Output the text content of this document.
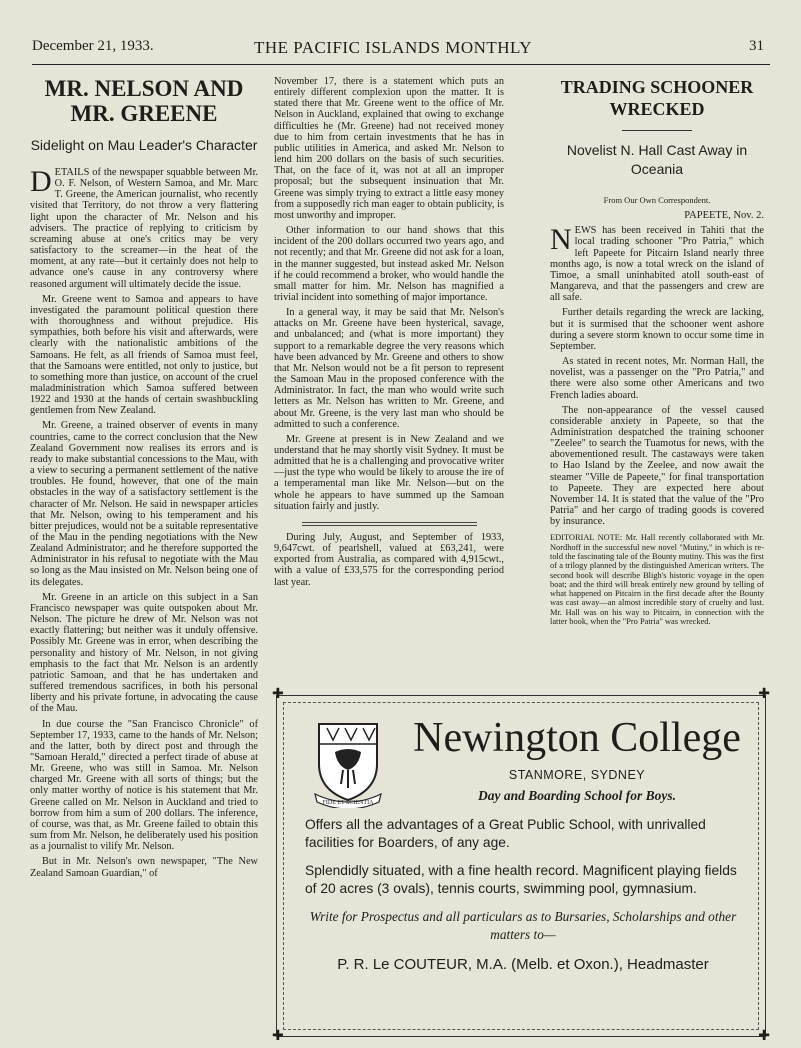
December 21, 1933.	THE PACIFIC ISLANDS MONTHLY	31
MR. NELSON AND MR. GREENE
Sidelight on Mau Leader's Character

DETAILS of the newspaper squabble between Mr. O. F. Nelson, of Western Samoa, and Mr. Marc T. Greene, the American journalist, who recently visited that Territory, do not throw a very flattering light upon the character of Mr. Nelson and his advisers. The practice of replying to criticism by screaming abuse at one's critics may be very satisfactory to the screamer—in the heat of the moment, at any rate—but it certainly does not help to advance one's cause in any controversy where reasoned argument will ultimately decide the issue.

Mr. Greene went to Samoa and appears to have investigated the paramount political question there with thoroughness and without prejudice. His sympathies, both before his visit and afterwards, were clearly with the nationalistic ambitions of the Samoans. He felt, as all friends of Samoa must feel, that the Samoans were entitled, not only to justice, but to something more than justice, on account of the cruel maladministration which Samoa suffered between 1922 and 1930 at the hands of certain swashbuckling gentlemen from New Zealand.

Mr. Greene, a trained observer of events in many countries, came to the correct conclusion that the New Zealand Government now realises its errors and is ready to make substantial concessions to the Mau, with a view to securing a permanent settlement of the native troubles. He found, however, that one of the main obstacles in the way of a satisfactory settlement is the character of Mr. Nelson. He said in newspaper articles that Mr. Nelson, owing to his temperament and his bitter prejudices, would not be a suitable representative of the Mau in the pending negotiations with the New Zealand Administrator; and he therefore supported the Administrator in his refusal to negotiate with the Mau so long as the Mau insisted on Mr. Nelson being one of its delegates.

Mr. Greene in an article on this subject in a San Francisco newspaper was quite outspoken about Mr. Nelson. The picture he drew of Mr. Nelson was not exactly flattering; but neither was it unduly offensive. Possibly Mr. Greene was in error, when describing the personality and history of Mr. Nelson, in not giving emphasis to the fact that Mr. Nelson is an ardently patriotic Samoan, and that he has undertaken and suffered tremendous sacrifices, in both his personal liberty and his private fortune, in advocating the cause of the Mau.

In due course the "San Francisco Chronicle" of September 17, 1933, came to the hands of Mr. Nelson; and the latter, both by direct post and through the "Samoan Herald," directed a perfect tirade of abuse at Mr. Greene, who was still in Samoa. Mr. Nelson charged Mr. Greene with all sorts of things; but the only matter worthy of notice is his statement that Mr. Greene called on Mr. Nelson in Auckland and tried to borrow from him a sum of 200 dollars. The inference, of course, was that, as Mr. Greene failed to obtain this sum from Mr. Nelson, he deliberately used his position as a journalist to vilify Mr. Nelson.

But in Mr. Nelson's own newspaper, "The New Zealand Samoan Guardian," of

November 17, there is a statement which puts an entirely different complexion upon the matter. It is stated there that Mr. Greene went to the office of Mr. Nelson in Auckland, explained that owing to exchange difficulties he (Mr. Greene) had not received money due to him from certain investments that he has in public utilities in America, and asked Mr. Nelson to lend him 200 dollars on the basis of such securities. That, on the face of it, was not at all an improper proposal; but the subsequent insinuation that Mr. Greene was simply trying to extract a little easy money from a supposedly rich man eager to obtain publicity, is most unworthy and improper.

Other information to our hand shows that this incident of the 200 dollars occurred two years ago, and not recently; and that Mr. Greene did not ask for a loan, in the manner suggested, but instead asked Mr. Nelson if he could recommend a broker, who would handle the small matter for him. Mr. Nelson has magnified a trivial incident into something of major importance.

In a general way, it may be said that Mr. Nelson's attacks on Mr. Greene have been hysterical, savage, and unbalanced; and (what is more important) they support to a remarkable degree the very reasons which have been advanced by Mr. Greene and others to show that Mr. Nelson would not be a fit person to represent the Samoan Mau in the proposed conference with the Administrator. In fact, the man who would write such letters as Mr. Nelson has written to Mr. Greene, and about Mr. Greene, is the very last man who should be admitted to such a conference.

Mr. Greene at present is in New Zealand and we understand that he may shortly visit Sydney. It must be admitted that he is a challenging and provocative writer—just the type who would be likely to arouse the ire of a temperamental man like Mr. Nelson—but on the whole he appears to have summed up the Samoan situation fairly and justly.

During July, August, and September of 1933, 9,647cwt. of pearlshell, valued at £63,241, were exported from Australia, as compared with 4,915cwt., with a value of £33,575 for the corresponding period last year.

TRADING SCHOONER WRECKED
Novelist N. Hall Cast Away in Oceania

From Our Own Correspondent.

PAPEETE, Nov. 2.

NEWS has been received in Tahiti that the local trading schooner "Pro Patria," which left Papeete for Pitcairn Island nearly three months ago, is now a total wreck on the island of Timoe, a small uninhabited atoll south-east of Mangareva, and that the passengers and crew are all safe.

Further details regarding the wreck are lacking, but it is surmised that the schooner went ashore during a severe storm known to occur some time in September.

As stated in recent notes, Mr. Norman Hall, the novelist, was a passenger on the "Pro Patria," and there were also some other Americans and two French ladies aboard.

The non-appearance of the vessel caused considerable anxiety in Papeete, so that the Administration despatched the training schooner "Zeelee" to search the Tuamotus for news, with the abovementioned result. The castaways were taken to Hao Island by the Zeelee, and now await the steamer "Ville de Papeete," for final transportation to Papeete. They are expected here about November 14. It is stated that the value of the "Pro Patria" and her cargo of trading goods is covered by insurance.

EDITORIAL NOTE: Mr. Hall recently collaborated with Mr. Nordhoff in the successful new novel "Mutiny," in which is re-told the fascinating tale of the Bounty mutiny. This was the first of a trilogy planned by the distinguished American writers. The second book will describe Bligh's historic voyage in the open boat; and the third will break entirely new ground by telling of what happened on Pitcairn in the first decade after the Bounty was cast away—an almost incredible story of cruelty and lust. Mr. Hall was on his way to Pitcairn, in connection with the latter book, when the "Pro Patria" was wrecked.

✚	✚
✚	✚
FIDE ET SCIENTIA
Newington College
STANMORE, SYDNEY
Day and Boarding School for Boys.
Offers all the advantages of a Great Public School, with unrivalled facilities for Boarders, of any age.
Splendidly situated, with a fine health record. Magnificent playing fields of 20 acres (3 ovals), tennis courts, swimming pool, gymnasium.
Write for Prospectus and all particulars as to Bursaries, Scholarships and other matters to—
P. R. Le COUTEUR, M.A. (Melb. et Oxon.), Headmaster
